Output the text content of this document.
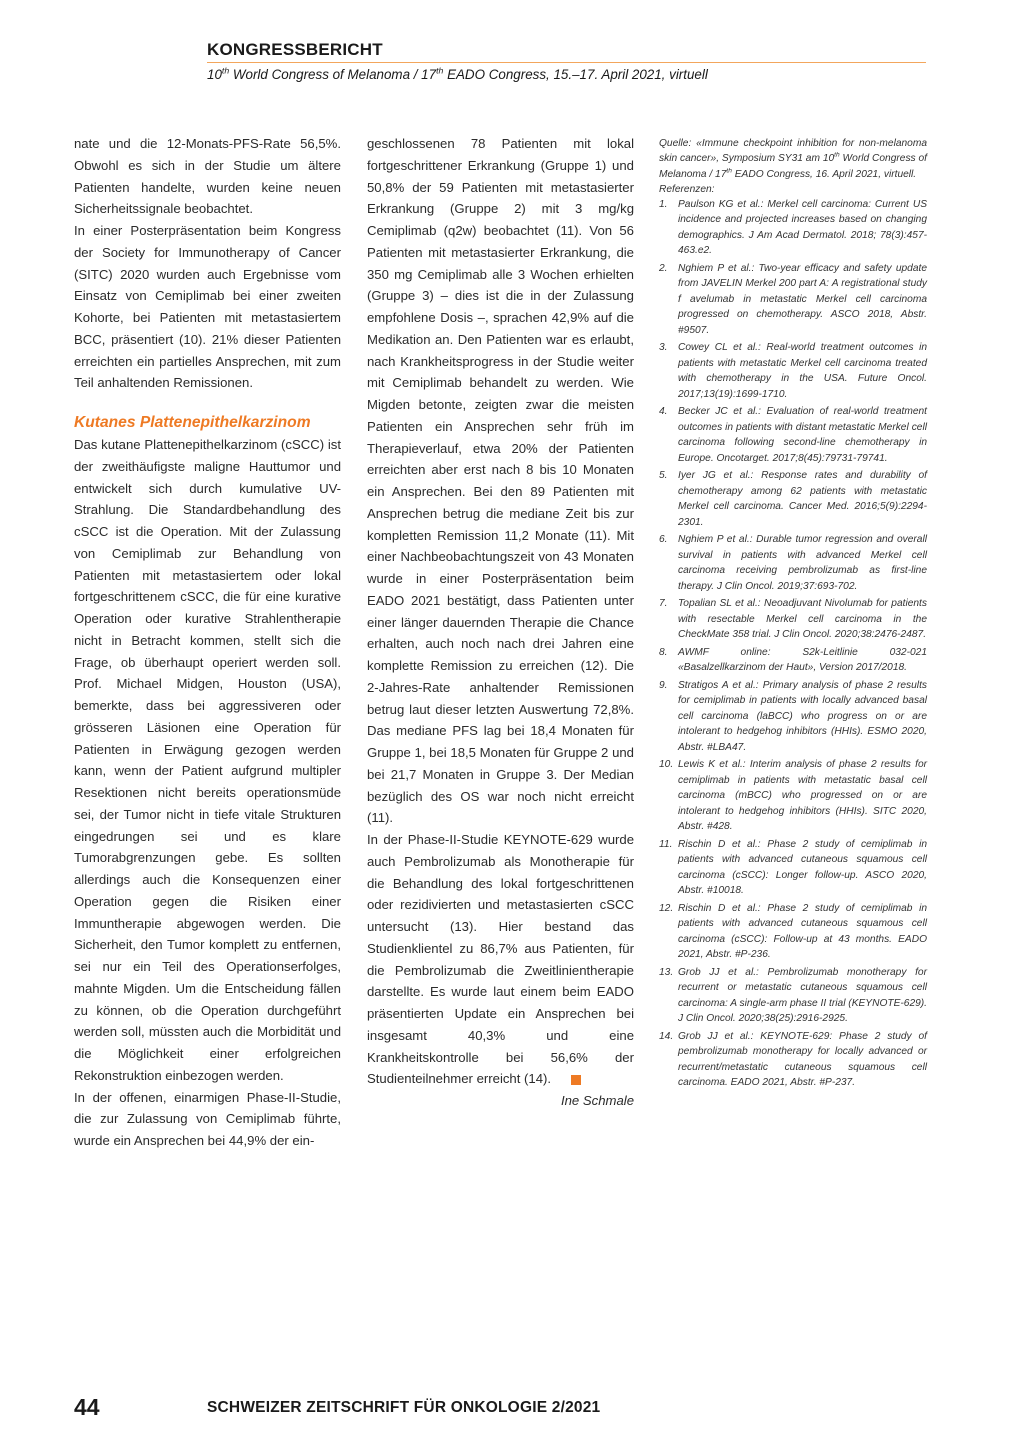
KONGRESSBERICHT
10th World Congress of Melanoma / 17th EADO Congress, 15.–17. April 2021, virtuell

nate und die 12-Monats-PFS-Rate 56,5%. Obwohl es sich in der Studie um ältere Patienten handelte, wurden keine neuen Sicherheitssignale beobachtet.

In einer Posterpräsentation beim Kongress der Society for Immunotherapy of Cancer (SITC) 2020 wurden auch Ergebnisse vom Einsatz von Cemiplimab bei einer zweiten Kohorte, bei Patienten mit metastasiertem BCC, präsentiert (10). 21% dieser Patienten erreichten ein partielles Ansprechen, mit zum Teil anhaltenden Remissionen.

Kutanes Plattenepithelkarzinom

Das kutane Plattenepithelkarzinom (cSCC) ist der zweithäufigste maligne Hauttumor und entwickelt sich durch kumulative UV-Strahlung. Die Standardbehandlung des cSCC ist die Operation. Mit der Zulassung von Cemiplimab zur Behandlung von Patienten mit metastasiertem oder lokal fortgeschrittenem cSCC, die für eine kurative Operation oder kurative Strahlentherapie nicht in Betracht kommen, stellt sich die Frage, ob überhaupt operiert werden soll. Prof. Michael Midgen, Houston (USA), bemerkte, dass bei aggressiveren oder grösseren Läsionen eine Operation für Patienten in Erwägung gezogen werden kann, wenn der Patient aufgrund multipler Resektionen nicht bereits operationsmüde sei, der Tumor nicht in tiefe vitale Strukturen eingedrungen sei und es klare Tumorabgrenzungen gebe. Es sollten allerdings auch die Konsequenzen einer Operation gegen die Risiken einer Immuntherapie abgewogen werden. Die Sicherheit, den Tumor komplett zu entfernen, sei nur ein Teil des Operationserfolges, mahnte Migden. Um die Entscheidung fällen zu können, ob die Operation durchgeführt werden soll, müssten auch die Morbidität und die Möglichkeit einer erfolgreichen Rekonstruktion einbezogen werden.

In der offenen, einarmigen Phase-II-Studie, die zur Zulassung von Cemiplimab führte, wurde ein Ansprechen bei 44,9% der ein-

geschlossenen 78 Patienten mit lokal fortgeschrittener Erkrankung (Gruppe 1) und 50,8% der 59 Patienten mit metastasierter Erkrankung (Gruppe 2) mit 3 mg/kg Cemiplimab (q2w) beobachtet (11). Von 56 Patienten mit metastasierter Erkrankung, die 350 mg Cemiplimab alle 3 Wochen erhielten (Gruppe 3) – dies ist die in der Zulassung empfohlene Dosis –, sprachen 42,9% auf die Medikation an. Den Patienten war es erlaubt, nach Krankheitsprogress in der Studie weiter mit Cemiplimab behandelt zu werden. Wie Migden betonte, zeigten zwar die meisten Patienten ein Ansprechen sehr früh im Therapieverlauf, etwa 20% der Patienten erreichten aber erst nach 8 bis 10 Monaten ein Ansprechen. Bei den 89 Patienten mit Ansprechen betrug die mediane Zeit bis zur kompletten Remission 11,2 Monate (11). Mit einer Nachbeobachtungszeit von 43 Monaten wurde in einer Posterpräsentation beim EADO 2021 bestätigt, dass Patienten unter einer länger dauernden Therapie die Chance erhalten, auch noch nach drei Jahren eine komplette Remission zu erreichen (12). Die 2-Jahres-Rate anhaltender Remissionen betrug laut dieser letzten Auswertung 72,8%. Das mediane PFS lag bei 18,4 Monaten für Gruppe 1, bei 18,5 Monaten für Gruppe 2 und bei 21,7 Monaten in Gruppe 3. Der Median bezüglich des OS war noch nicht erreicht (11).

In der Phase-II-Studie KEYNOTE-629 wurde auch Pembrolizumab als Monotherapie für die Behandlung des lokal fortgeschrittenen oder rezidivierten und metastasierten cSCC untersucht (13). Hier bestand das Studienklientel zu 86,7% aus Patienten, für die Pembrolizumab die Zweitlinientherapie darstellte. Es wurde laut einem beim EADO präsentierten Update ein Ansprechen bei insgesamt 40,3% und eine Krankheitskontrolle bei 56,6% der Studienteilnehmer erreicht (14).

Ine Schmale

Quelle: «Immune checkpoint inhibition for non-melanoma skin cancer», Symposium SY31 am 10th World Congress of Melanoma / 17th EADO Congress, 16. April 2021, virtuell.

Referenzen:

1. Paulson KG et al.: Merkel cell carcinoma: Current US incidence and projected increases based on changing demographics. J Am Acad Dermatol. 2018; 78(3):457-463.e2.
2. Nghiem P et al.: Two-year efficacy and safety update from JAVELIN Merkel 200 part A: A registrational study f avelumab in metastatic Merkel cell carcinoma progressed on chemotherapy. ASCO 2018, Abstr. #9507.
3. Cowey CL et al.: Real-world treatment outcomes in patients with metastatic Merkel cell carcinoma treated with chemotherapy in the USA. Future Oncol. 2017;13(19):1699-1710.
4. Becker JC et al.: Evaluation of real-world treatment outcomes in patients with distant metastatic Merkel cell carcinoma following second-line chemotherapy in Europe. Oncotarget. 2017;8(45):79731-79741.
5. Iyer JG et al.: Response rates and durability of chemotherapy among 62 patients with metastatic Merkel cell carcinoma. Cancer Med. 2016;5(9):2294-2301.
6. Nghiem P et al.: Durable tumor regression and overall survival in patients with advanced Merkel cell carcinoma receiving pembrolizumab as first-line therapy. J Clin Oncol. 2019;37:693-702.
7. Topalian SL et al.: Neoadjuvant Nivolumab for patients with resectable Merkel cell carcinoma in the CheckMate 358 trial. J Clin Oncol. 2020;38:2476-2487.
8. AWMF online: S2k-Leitlinie 032-021 «Basalzellkarzinom der Haut», Version 2017/2018.
9. Stratigos A et al.: Primary analysis of phase 2 results for cemiplimab in patients with locally advanced basal cell carcinoma (laBCC) who progress on or are intolerant to hedgehog inhibitors (HHIs). ESMO 2020, Abstr. #LBA47.
10. Lewis K et al.: Interim analysis of phase 2 results for cemiplimab in patients with metastatic basal cell carcinoma (mBCC) who progressed on or are intolerant to hedgehog inhibitors (HHIs). SITC 2020, Abstr. #428.
11. Rischin D et al.: Phase 2 study of cemiplimab in patients with advanced cutaneous squamous cell carcinoma (cSCC): Longer follow-up. ASCO 2020, Abstr. #10018.
12. Rischin D et al.: Phase 2 study of cemiplimab in patients with advanced cutaneous squamous cell carcinoma (cSCC): Follow-up at 43 months. EADO 2021, Abstr. #P-236.
13. Grob JJ et al.: Pembrolizumab monotherapy for recurrent or metastatic cutaneous squamous cell carcinoma: A single-arm phase II trial (KEYNOTE-629). J Clin Oncol. 2020;38(25):2916-2925.
14. Grob JJ et al.: KEYNOTE-629: Phase 2 study of pembrolizumab monotherapy for locally advanced or recurrent/metastatic cutaneous squamous cell carcinoma. EADO 2021, Abstr. #P-237.
44	SCHWEIZER ZEITSCHRIFT FÜR ONKOLOGIE 2/2021
